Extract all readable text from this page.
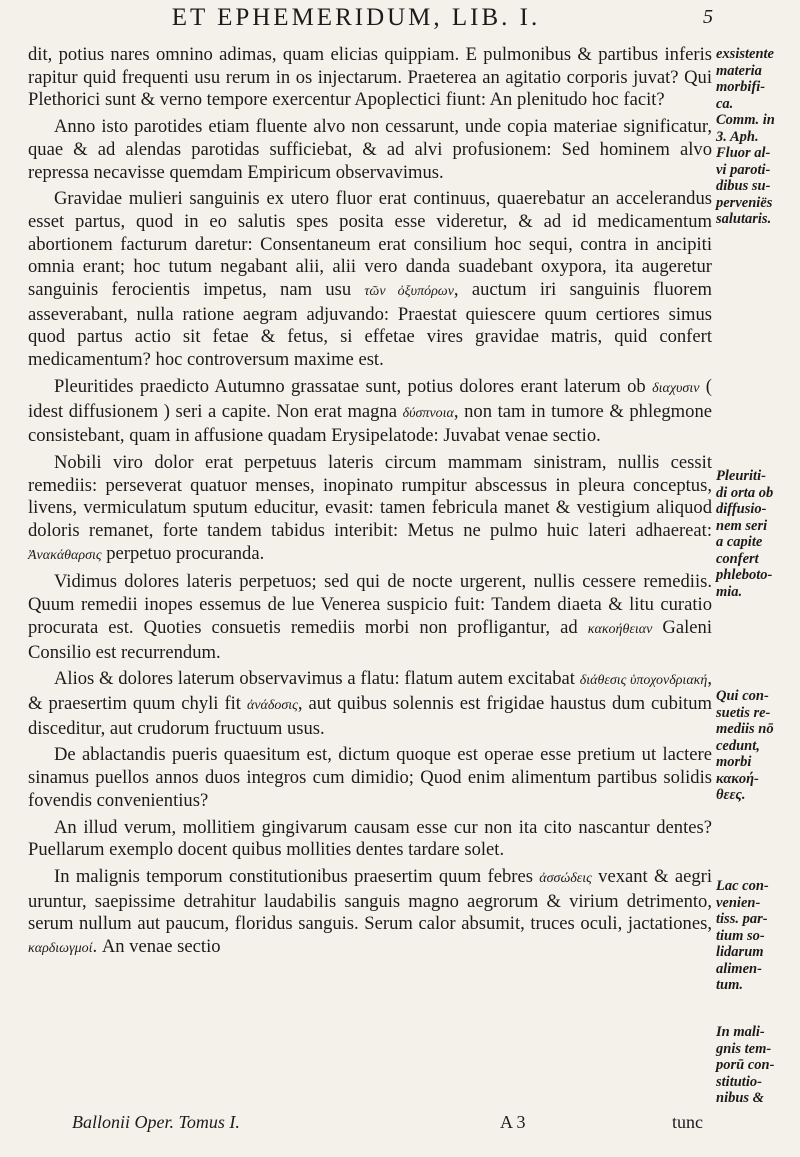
ET EPHEMERIDUM, LIB. I.	5

dit, potius nares omnino adimas, quam elicias quippiam. E pulmonibus & partibus inferis rapitur quid frequenti usu rerum in os injectarum. Praeterea an agitatio corporis juvat? Qui Plethorici sunt & verno tempore exercentur Apoplectici fiunt: An plenitudo hoc facit?

Anno isto parotides etiam fluente alvo non cessarunt, unde copia materiae significatur, quae & ad alendas parotidas sufficiebat, & ad alvi profusionem: Sed hominem alvo repressa necavisse quemdam Empiricum observavimus.

Gravidae mulieri sanguinis ex utero fluor erat continuus, quaerebatur an accelerandus esset partus, quod in eo salutis spes posita esse videretur, & ad id medicamentum abortionem facturum daretur: Consentaneum erat consilium hoc sequi, contra in ancipiti omnia erant; hoc tutum negabant alii, alii vero danda suadebant oxypora, ita augeretur sanguinis ferocientis impetus, nam usu τῶν ὀξυπόρων, auctum iri sanguinis fluorem asseverabant, nulla ratione aegram adjuvando: Praestat quiescere quum certiores simus quod partus actio sit fetae & fetus, si effetae vires gravidae matris, quid confert medicamentum? hoc controversum maxime est.

Pleuritides praedicto Autumno grassatae sunt, potius dolores erant laterum ob διαχυσιν ( idest diffusionem ) seri a capite. Non erat magna δύσπνοια, non tam in tumore & phlegmone consistebant, quam in affusione quadam Erysipelatode: Juvabat venae sectio.

Nobili viro dolor erat perpetuus lateris circum mammam sinistram, nullis cessit remediis: perseverat quatuor menses, inopinato rumpitur abscessus in pleura conceptus, livens, vermiculatum sputum educitur, evasit: tamen febricula manet & vestigium aliquod doloris remanet, forte tandem tabidus interibit: Metus ne pulmo huic lateri adhaereat: Ἀνακάθαρσις perpetuo procuranda.

Vidimus dolores lateris perpetuos; sed qui de nocte urgerent, nullis cessere remediis. Quum remedii inopes essemus de lue Venerea suspicio fuit: Tandem diaeta & litu curatio procurata est. Quoties consuetis remediis morbi non profligantur, ad κακοήθειαν Galeni Consilio est recurrendum.

Alios & dolores laterum observavimus a flatu: flatum autem excitabat διάθεσις ὑποχονδριακή, & praesertim quum chyli fit ἀνάδοσις, aut quibus solennis est frigidae haustus dum cubitum disceditur, aut crudorum fructuum usus.

De ablactandis pueris quaesitum est, dictum quoque est operae esse pretium ut lactere sinamus puellos annos duos integros cum dimidio; Quod enim alimentum partibus solidis fovendis convenientius?

An illud verum, mollitiem gingivarum causam esse cur non ita cito nascantur dentes? Puellarum exemplo docent quibus mollities dentes tardare solet.

In malignis temporum constitutionibus praesertim quum febres ἀσσώδεις vexant & aegri uruntur, saepissime detrahitur laudabilis sanguis magno aegrorum & virium detrimento, serum nullum aut paucum, floridus sanguis. Serum calor absumit, truces oculi, jactationes, καρδιωγμοί. An venae sectio

exsistente
materia
morbifi-
ca.
Comm. in
3. Aph.
Fluor al-
vi paroti-
dibus su-
perveniës
salutaris.
Pleuriti-
di orta ob
diffusio-
nem seri
a capite
confert
phleboto-
mia.
Qui con-
suetis re-
mediis nō
cedunt,
morbi
κακοή-
θεες.
Lac con-
venien-
tiss. par-
tium so-
lidarum
alimen-
tum.
In mali-
gnis tem-
porū con-
stitutio-
nibus &
Ballonii Oper. Tomus I.	A 3	tunc
